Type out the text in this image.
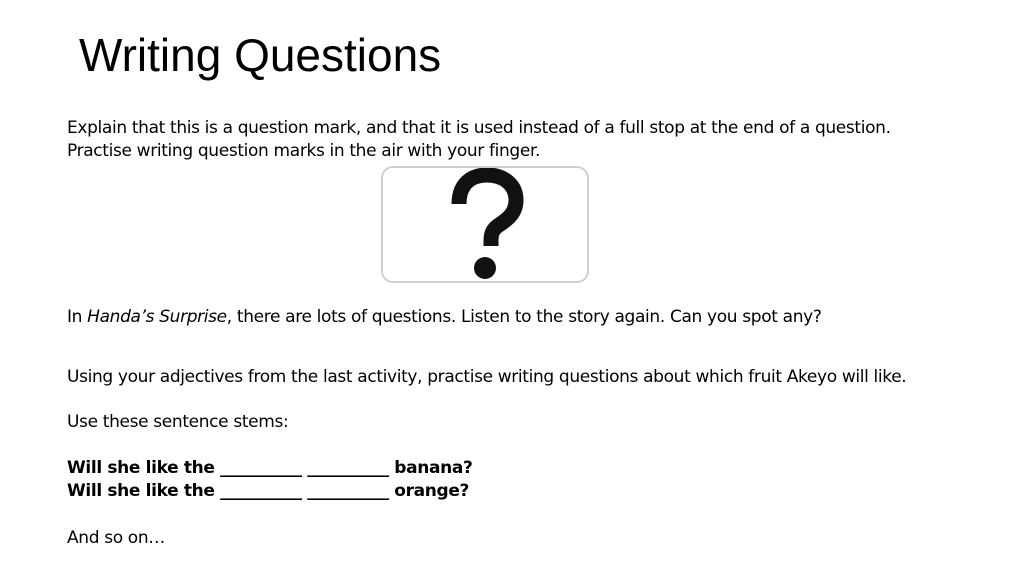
Writing Questions

Explain that this is a question mark, and that it is used instead of a full stop at the end of a question. Practise writing question marks in the air with your finger.

In Handa’s Surprise, there are lots of questions. Listen to the story again. Can you spot any?

Using your adjectives from the last activity, practise writing questions about which fruit Akeyo will like.

Use these sentence stems:

Will she like the __________ __________ banana?

Will she like the __________ __________ orange?

And so on…
